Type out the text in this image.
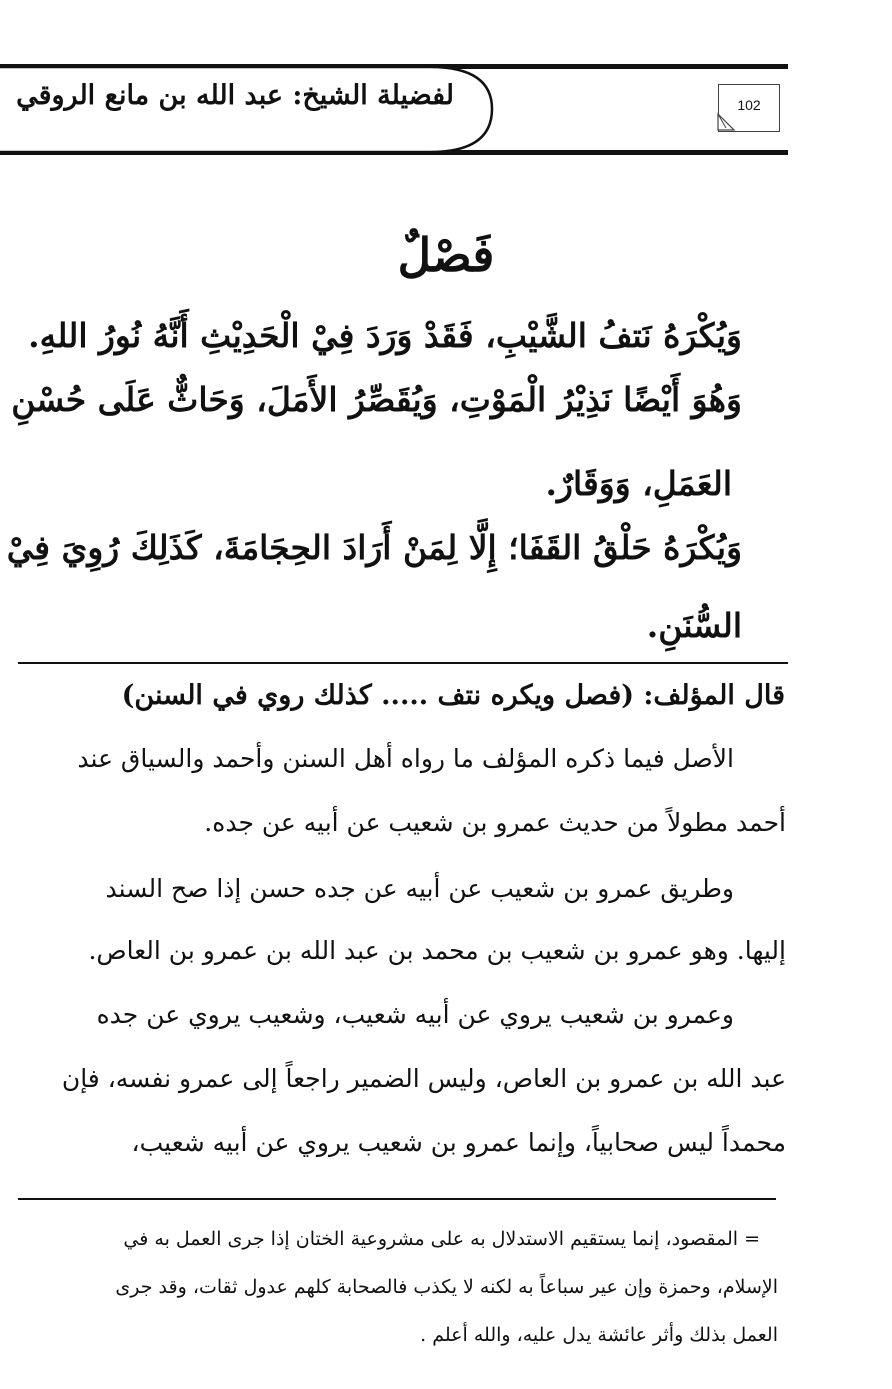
لفضيلة الشيخ: عبد الله بن مانع الروقي	102
فَصْلٌ
وَيُكْرَهُ نَتفُ الشَّيْبِ، فَقَدْ وَرَدَ فِيْ الْحَدِيْثِ أَنَّهُ نُورُ اللهِ.
وَهُوَ أَيْضًا نَذِيْرُ الْمَوْتِ، وَيُقَصِّرُ الأَمَلَ، وَحَاثٌّ عَلَى حُسْنِ
العَمَلِ، وَوَقَارٌ.
وَيُكْرَهُ حَلْقُ القَفَا؛ إِلَّا لِمَنْ أَرَادَ الحِجَامَةَ، كَذَلِكَ رُوِيَ فِيْ
السُّنَنِ.
قال المؤلف: (فصل ويكره نتف ..... كذلك روي في السنن)
الأصل فيما ذكره المؤلف ما رواه أهل السنن وأحمد والسياق عند
أحمد مطولاً من حديث عمرو بن شعيب عن أبيه عن جده.
وطريق عمرو بن شعيب عن أبيه عن جده حسن إذا صح السند
إليها. وهو عمرو بن شعيب بن محمد بن عبد الله بن عمرو بن العاص.
وعمرو بن شعيب يروي عن أبيه شعيب، وشعيب يروي عن جده
عبد الله بن عمرو بن العاص، وليس الضمير راجعاً إلى عمرو نفسه، فإن
محمداً ليس صحابياً، وإنما عمرو بن شعيب يروي عن أبيه شعيب،
= المقصود، إنما يستقيم الاستدلال به على مشروعية الختان إذا جرى العمل به في
الإسلام، وحمزة وإن عير سباعاً به لكنه لا يكذب فالصحابة كلهم عدول ثقات، وقد جرى
العمل بذلك وأثر عائشة يدل عليه، والله أعلم .
